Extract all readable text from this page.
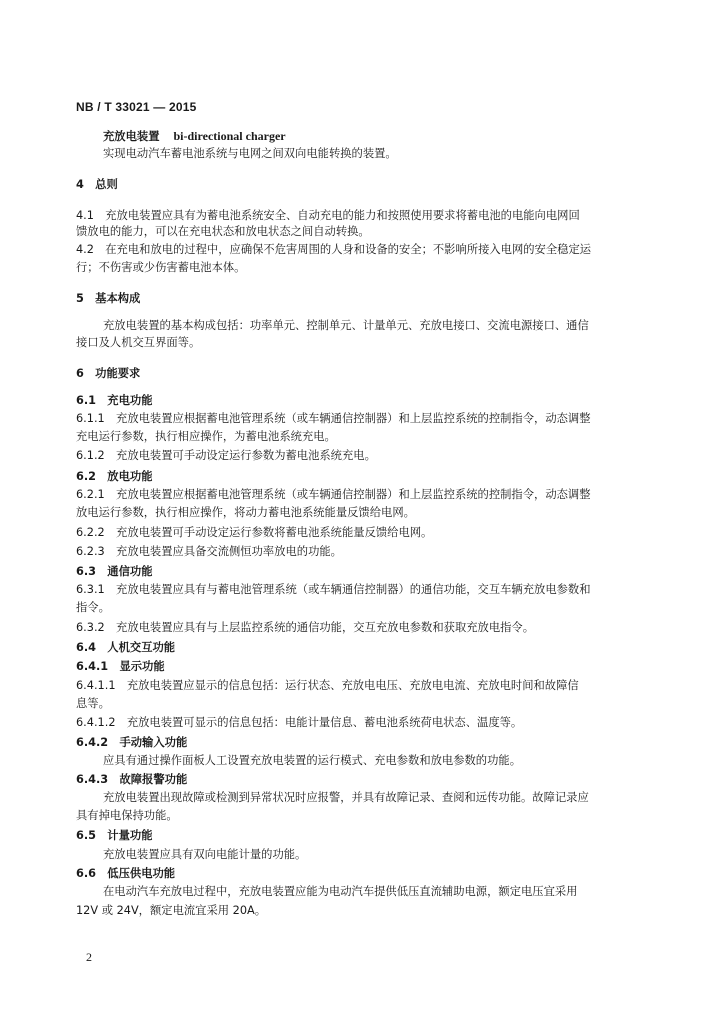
NB / T 33021 — 2015
充放电装置 bi-directional charger
实现电动汽车蓄电池系统与电网之间双向电能转换的装置。
4　总则
4.1　充放电装置应具有为蓄电池系统安全、自动充电的能力和按照使用要求将蓄电池的电能向电网回
馈放电的能力，可以在充电状态和放电状态之间自动转换。
4.2　在充电和放电的过程中，应确保不危害周围的人身和设备的安全；不影响所接入电网的安全稳定运
行；不伤害或少伤害蓄电池本体。
5　基本构成
充放电装置的基本构成包括：功率单元、控制单元、计量单元、充放电接口、交流电源接口、通信
接口及人机交互界面等。
6　功能要求
6.1　充电功能
6.1.1　充放电装置应根据蓄电池管理系统（或车辆通信控制器）和上层监控系统的控制指令，动态调整
充电运行参数，执行相应操作，为蓄电池系统充电。
6.1.2　充放电装置可手动设定运行参数为蓄电池系统充电。
6.2　放电功能
6.2.1　充放电装置应根据蓄电池管理系统（或车辆通信控制器）和上层监控系统的控制指令，动态调整
放电运行参数，执行相应操作，将动力蓄电池系统能量反馈给电网。
6.2.2　充放电装置可手动设定运行参数将蓄电池系统能量反馈给电网。
6.2.3　充放电装置应具备交流侧恒功率放电的功能。
6.3　通信功能
6.3.1　充放电装置应具有与蓄电池管理系统（或车辆通信控制器）的通信功能，交互车辆充放电参数和
指令。
6.3.2　充放电装置应具有与上层监控系统的通信功能，交互充放电参数和获取充放电指令。
6.4　人机交互功能
6.4.1　显示功能
6.4.1.1　充放电装置应显示的信息包括：运行状态、充放电电压、充放电电流、充放电时间和故障信
息等。
6.4.1.2　充放电装置可显示的信息包括：电能计量信息、蓄电池系统荷电状态、温度等。
6.4.2　手动输入功能
应具有通过操作面板人工设置充放电装置的运行模式、充电参数和放电参数的功能。
6.4.3　故障报警功能
充放电装置出现故障或检测到异常状况时应报警，并具有故障记录、查阅和远传功能。故障记录应
具有掉电保持功能。
6.5　计量功能
充放电装置应具有双向电能计量的功能。
6.6　低压供电功能
在电动汽车充放电过程中，充放电装置应能为电动汽车提供低压直流辅助电源，额定电压宜采用
12V 或 24V，额定电流宜采用 20A。
2
